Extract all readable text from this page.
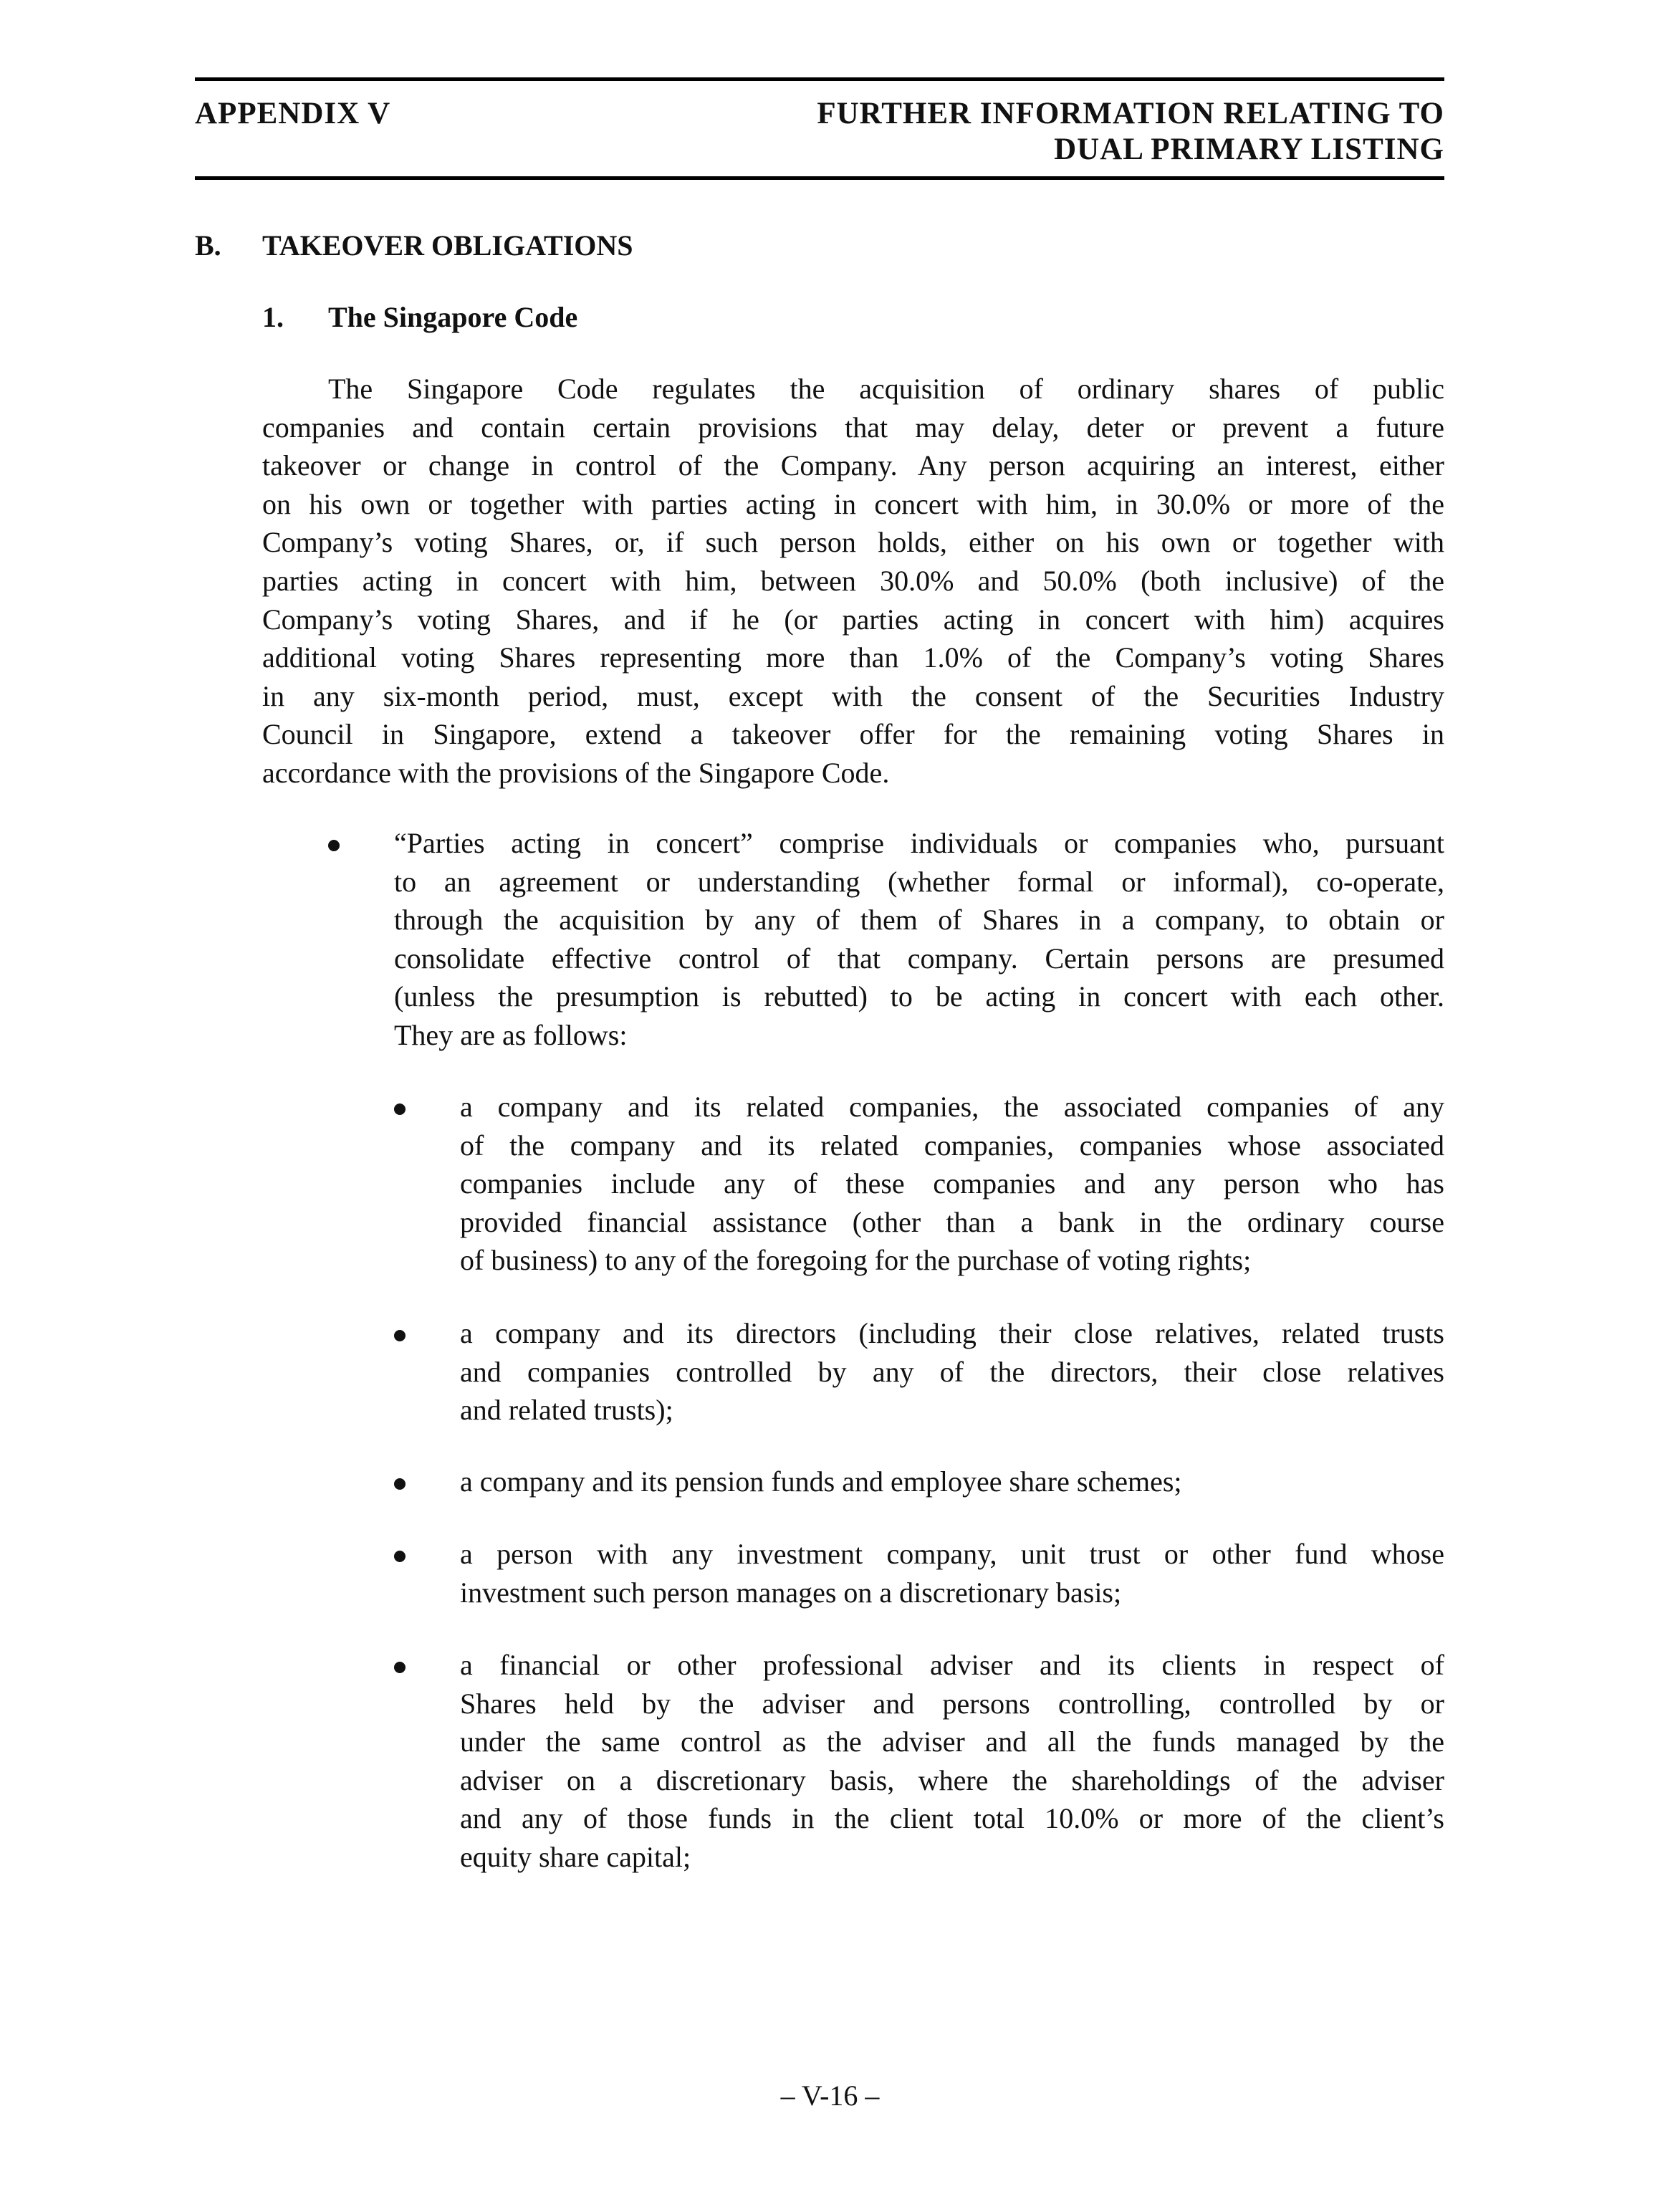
APPENDIX V	FURTHER INFORMATION RELATING TO
DUAL PRIMARY LISTING
B. TAKEOVER OBLIGATIONS
1. The Singapore Code
The Singapore Code regulates the acquisition of ordinary shares of public
companies and contain certain provisions that may delay, deter or prevent a future
takeover or change in control of the Company. Any person acquiring an interest, either
on his own or together with parties acting in concert with him, in 30.0% or more of the
Company’s voting Shares, or, if such person holds, either on his own or together with
parties acting in concert with him, between 30.0% and 50.0% (both inclusive) of the
Company’s voting Shares, and if he (or parties acting in concert with him) acquires
additional voting Shares representing more than 1.0% of the Company’s voting Shares
in any six-month period, must, except with the consent of the Securities Industry
Council in Singapore, extend a takeover offer for the remaining voting Shares in
accordance with the provisions of the Singapore Code.
“Parties acting in concert” comprise individuals or companies who, pursuant
to an agreement or understanding (whether formal or informal), co-operate,
through the acquisition by any of them of Shares in a company, to obtain or
consolidate effective control of that company. Certain persons are presumed
(unless the presumption is rebutted) to be acting in concert with each other.
They are as follows:
a company and its related companies, the associated companies of any
of the company and its related companies, companies whose associated
companies include any of these companies and any person who has
provided financial assistance (other than a bank in the ordinary course
of business) to any of the foregoing for the purchase of voting rights;
a company and its directors (including their close relatives, related trusts
and companies controlled by any of the directors, their close relatives
and related trusts);
a company and its pension funds and employee share schemes;
a person with any investment company, unit trust or other fund whose
investment such person manages on a discretionary basis;
a financial or other professional adviser and its clients in respect of
Shares held by the adviser and persons controlling, controlled by or
under the same control as the adviser and all the funds managed by the
adviser on a discretionary basis, where the shareholdings of the adviser
and any of those funds in the client total 10.0% or more of the client’s
equity share capital;
– V-16 –
